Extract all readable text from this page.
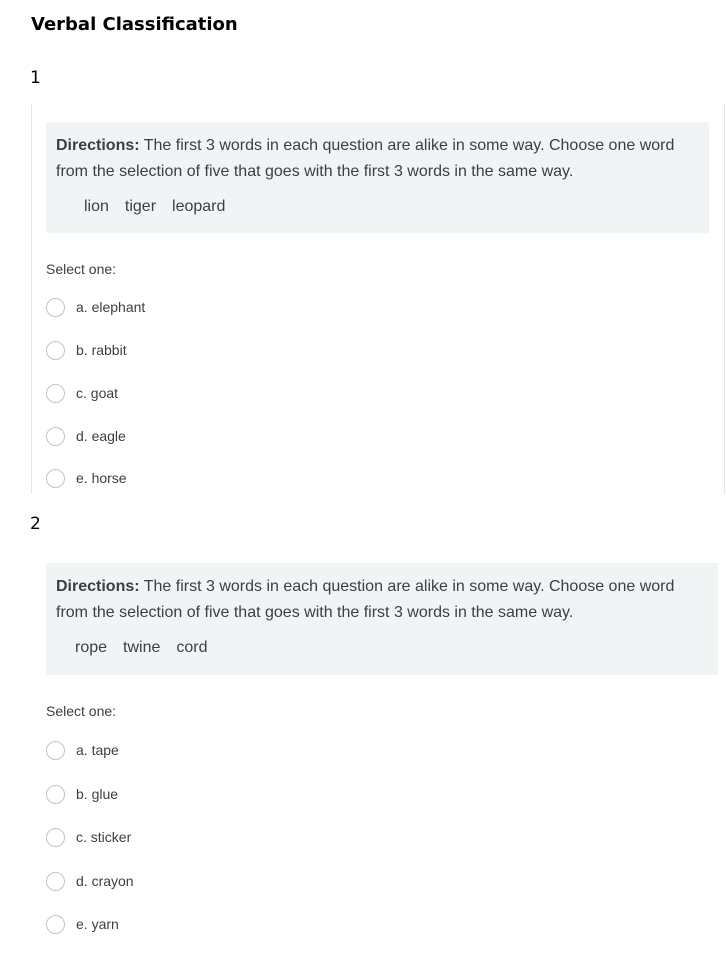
Verbal Classification
1
Directions: The first 3 words in each question are alike in some way. Choose one word from the selection of five that goes with the first 3 words in the same way.
lion tiger leopard
Select one:
a. elephant
b. rabbit
c. goat
d. eagle
e. horse
2
Directions: The first 3 words in each question are alike in some way. Choose one word from the selection of five that goes with the first 3 words in the same way.
rope twine cord
Select one:
a. tape
b. glue
c. sticker
d. crayon
e. yarn
